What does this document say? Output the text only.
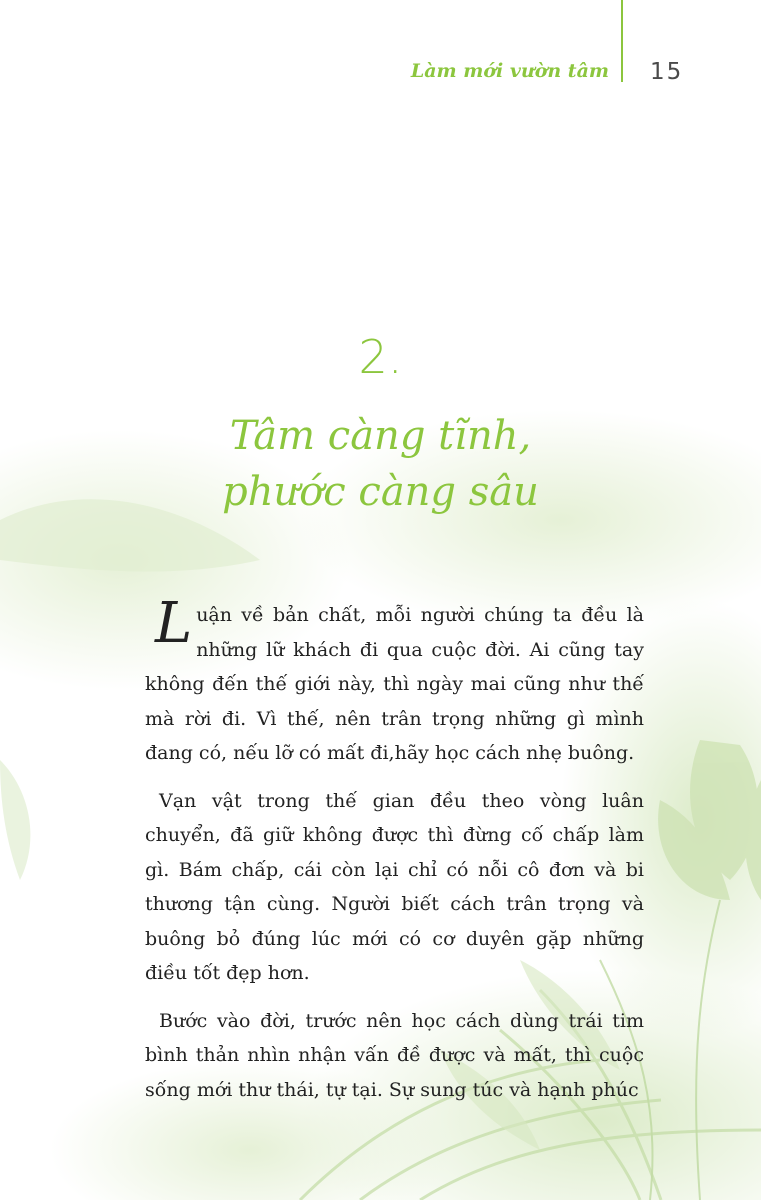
Làm mới vườn tâm 15
2.
Tâm càng tĩnh,
phước càng sâu

Luận về bản chất, mỗi người chúng ta đều là những lữ khách đi qua cuộc đời. Ai cũng tay không đến thế giới này, thì ngày mai cũng như thế mà rời đi. Vì thế, nên trân trọng những gì mình đang có, nếu lỡ có mất đi,hãy học cách nhẹ buông.

Vạn vật trong thế gian đều theo vòng luân chuyển, đã giữ không được thì đừng cố chấp làm gì. Bám chấp, cái còn lại chỉ có nỗi cô đơn và bi thương tận cùng. Người biết cách trân trọng và buông bỏ đúng lúc mới có cơ duyên gặp những điều tốt đẹp hơn.

Bước vào đời, trước nên học cách dùng trái tim bình thản nhìn nhận vấn đề được và mất, thì cuộc sống mới thư thái, tự tại. Sự sung túc và hạnh phúc
